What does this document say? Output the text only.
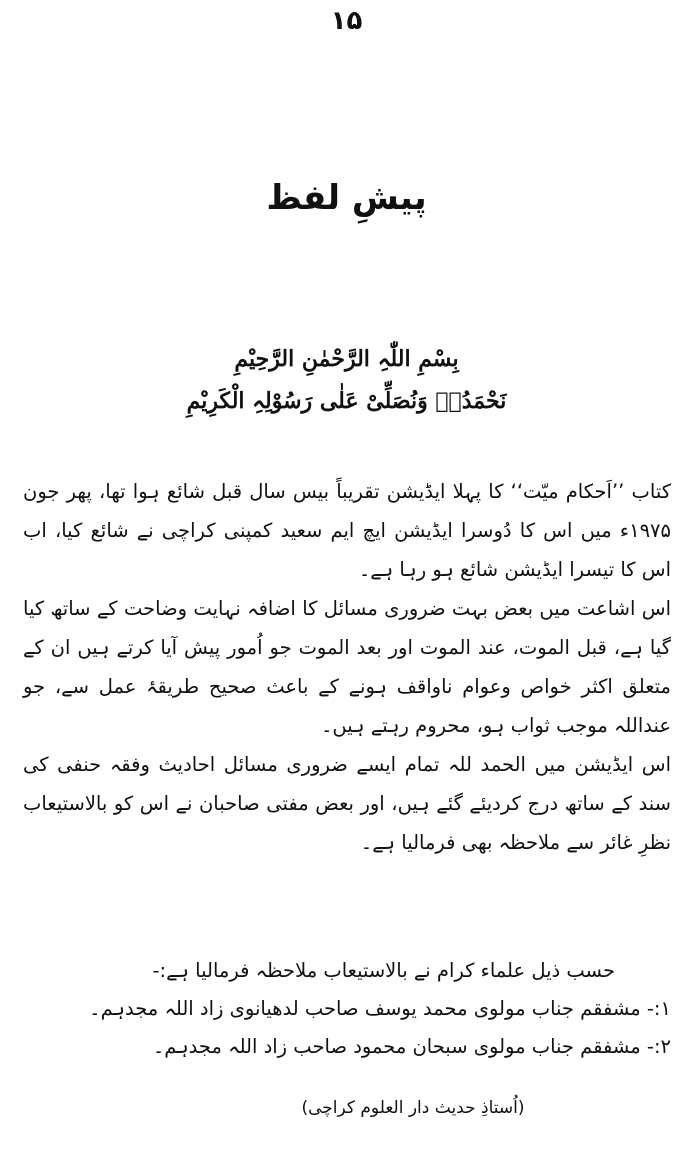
۱۵
پیشِ لفظ
بِسْمِ اللّٰہِ الرَّحْمٰنِ الرَّحِیْمِ
نَحْمَدُہٗ وَنُصَلِّیْ عَلٰی رَسُوْلِہِ الْکَرِیْمِ

کتاب ’’اَحکام میّت‘‘ کا پہلا ایڈیشن تقریباً بیس سال قبل شائع ہوا تھا، پھر جون ۱۹۷۵ء میں اس کا دُوسرا ایڈیشن ایچ ایم سعید کمپنی کراچی نے شائع کیا، اب اس کا تیسرا ایڈیشن شائع ہو رہا ہے۔

اس اشاعت میں بعض بہت ضروری مسائل کا اضافہ نہایت وضاحت کے ساتھ کیا گیا ہے، قبل الموت، عند الموت اور بعد الموت جو اُمور پیش آیا کرتے ہیں ان کے متعلق اکثر خواص وعوام ناواقف ہونے کے باعث صحیح طریقۂ عمل سے، جو عنداللہ موجب ثواب ہو، محروم رہتے ہیں۔

اس ایڈیشن میں الحمد للہ تمام ایسے ضروری مسائل احادیث وفقہ حنفی کی سند کے ساتھ درج کردیئے گئے ہیں، اور بعض مفتی صاحبان نے اس کو بالاستیعاب نظرِ غائر سے ملاحظہ بھی فرمالیا ہے۔

حسب ذیل علماء کرام نے بالاستیعاب ملاحظہ فرمالیا ہے:-

۱:- مشفقم جناب مولوی محمد یوسف صاحب لدھیانوی زاد اللہ مجدہم۔

۲:- مشفقم جناب مولوی سبحان محمود صاحب زاد اللہ مجدہم۔

(اُستاذِ حدیث دار العلوم کراچی)
